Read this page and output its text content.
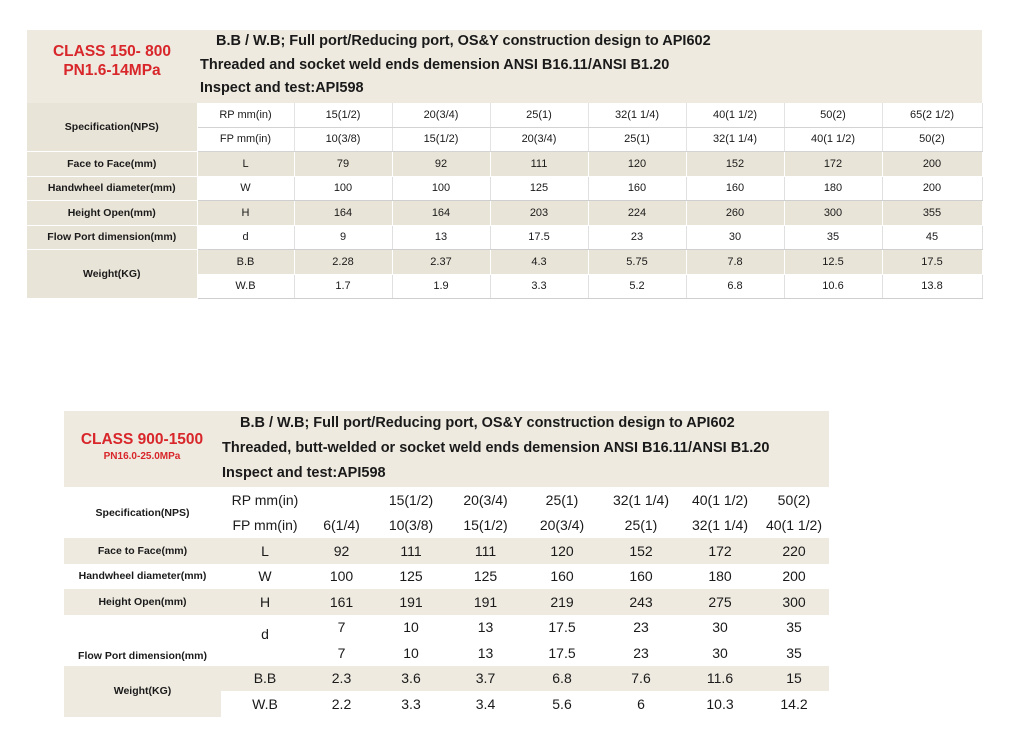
CLASS 150- 800
PN1.6-14MPa
B.B / W.B; Full port/Reducing port, OS&Y construction design to API602
Threaded and socket weld ends demension ANSI B16.11/ANSI B1.20
Inspect and test:API598
Specification(NPS)	RP mm(in)	15(1/2)	20(3/4)	25(1)	32(1 1/4)	40(1 1/2)	50(2)	65(2 1/2)
	FP mm(in)	10(3/8)	15(1/2)	20(3/4)	25(1)	32(1 1/4)	40(1 1/2)	50(2)
Face to Face(mm)	L	79	92	111	120	152	172	200
Handwheel diameter(mm)	W	100	100	125	160	160	180	200
Height Open(mm)	H	164	164	203	224	260	300	355
Flow Port dimension(mm)	d	9	13	17.5	23	30	35	45
Weight(KG)	B.B	2.28	2.37	4.3	5.75	7.8	12.5	17.5
	W.B	1.7	1.9	3.3	5.2	6.8	10.6	13.8
CLASS 900-1500
PN16.0-25.0MPa
B.B / W.B; Full port/Reducing port, OS&Y construction design to API602
Threaded, butt-welded or socket weld ends demension ANSI B16.11/ANSI B1.20
Inspect and test:API598
Specification(NPS)	RP mm(in)		15(1/2)	20(3/4)	25(1)	32(1 1/4)	40(1 1/2)	50(2)
	FP mm(in)	6(1/4)	10(3/8)	15(1/2)	20(3/4)	25(1)	32(1 1/4)	40(1 1/2)
Face to Face(mm)	L	92	111	111	120	152	172	220
Handwheel diameter(mm)	W	100	125	125	160	160	180	200
Height Open(mm)	H	161	191	191	219	243	275	300
Flow Port dimension(mm)	d	7	10	13	17.5	23	30	35
		7	10	13	17.5	23	30	35
Weight(KG)	B.B	2.3	3.6	3.7	6.8	7.6	11.6	15
	W.B	2.2	3.3	3.4	5.6	6	10.3	14.2
